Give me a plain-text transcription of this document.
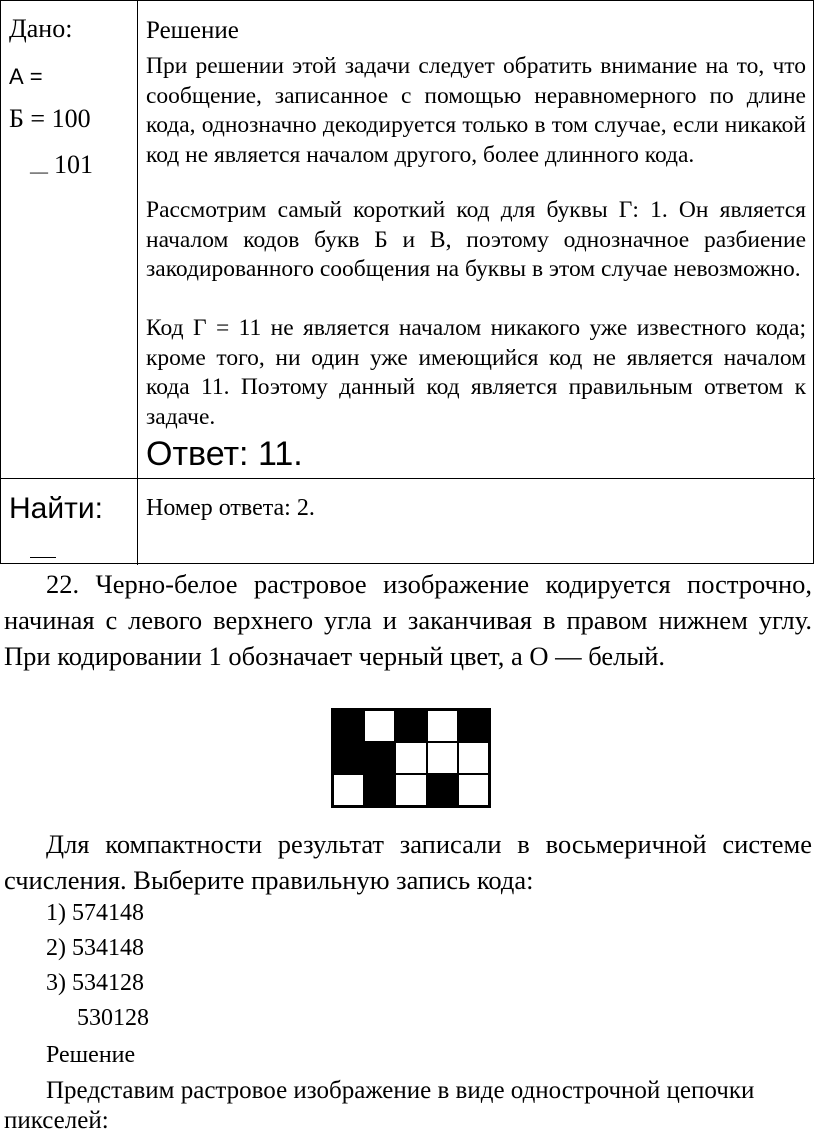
Дано:
А =
Б = 100
__ 101
Найти:
Решение

При решении этой задачи следует обратить внимание на то, что сообщение, записанное с помощью неравномерного по длине кода, однозначно декодируется только в том случае, если никакой код не является началом другого, более длинного кода.

Рассмотрим самый короткий код для буквы Г: 1. Он является началом кодов букв Б и В, поэтому однозначное разбиение закодированного сообщения на буквы в этом случае невозможно.

Код Г = 11 не является началом никакого уже известного кода; кроме того, ни один уже имеющийся код не является началом кода 11. Поэтому данный код является правильным ответом к задаче.

Ответ: 11.
Номер ответа: 2.

22. Черно-белое растровое изображение кодируется построчно, начиная с левого верхнего угла и заканчивая в правом нижнем углу. При кодировании 1 обозначает черный цвет, а О — белый.

Для компактности результат записали в восьмеричной системе счисления. Выберите правильную запись кода:

1) 574148
2) 534148
3) 534128
530128
Решение

Представим растровое изображение в виде однострочной цепочки пикселей:
